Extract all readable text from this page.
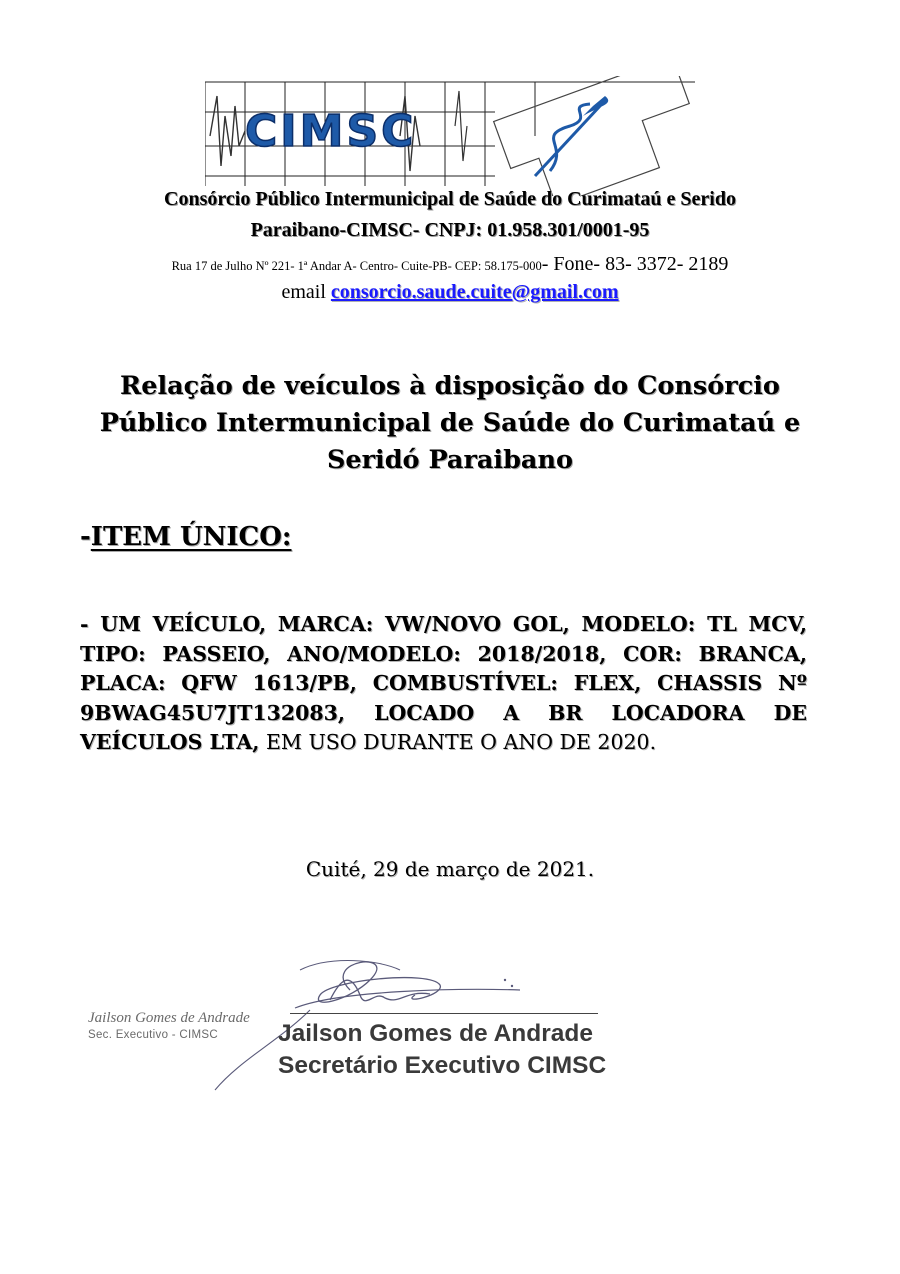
CIMSC
Consórcio Público Intermunicipal de Saúde do Curimataú e Serido
Paraibano-CIMSC- CNPJ: 01.958.301/0001-95
Rua 17 de Julho Nº 221- 1ª Andar A- Centro- Cuite-PB- CEP: 58.175-000- Fone- 83- 3372- 2189
email consorcio.saude.cuite@gmail.com
Relação de veículos à disposição do Consórcio Público Intermunicipal de Saúde do Curimataú e Seridó Paraibano
-ITEM ÚNICO:
- UM VEÍCULO, MARCA: VW/NOVO GOL, MODELO: TL MCV, TIPO: PASSEIO, ANO/MODELO: 2018/2018, COR: BRANCA, PLACA: QFW 1613/PB, COMBUSTÍVEL: FLEX, CHASSIS Nº 9BWAG45U7JT132083, LOCADO A BR LOCADORA DE VEÍCULOS LTA, EM USO DURANTE O ANO DE 2020.
Cuité, 29 de março de 2021.
Jailson Gomes de Andrade
Sec. Executivo - CIMSC	Jailson Gomes de Andrade
Secretário Executivo CIMSC
